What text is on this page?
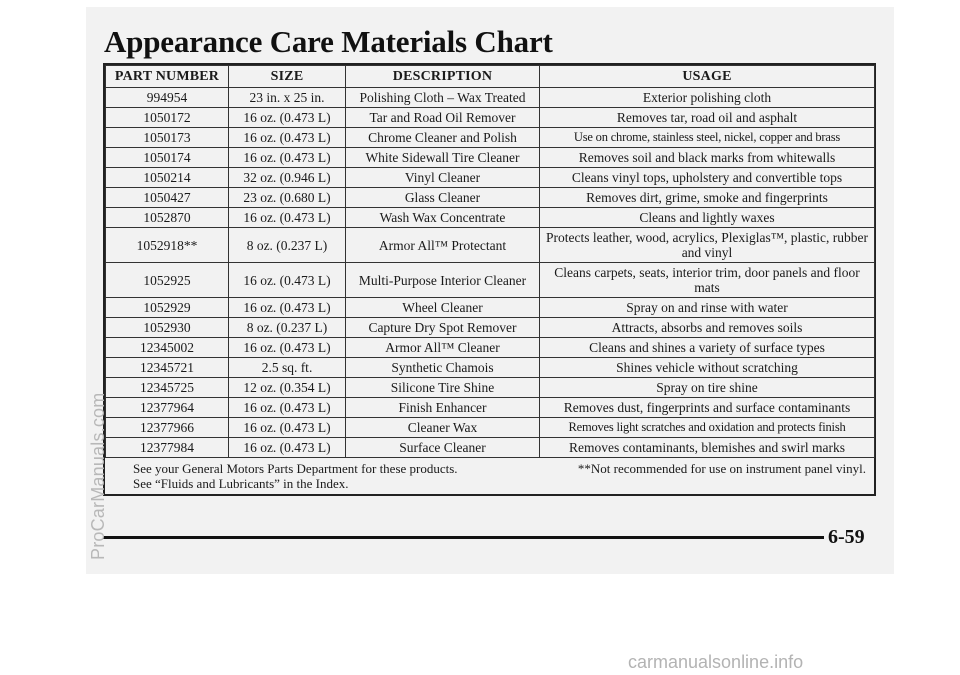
Appearance Care Materials Chart
PART NUMBER	SIZE	DESCRIPTION	USAGE
994954	23 in. x 25 in.	Polishing Cloth – Wax Treated	Exterior polishing cloth
1050172	16 oz. (0.473 L)	Tar and Road Oil Remover	Removes tar, road oil and asphalt
1050173	16 oz. (0.473 L)	Chrome Cleaner and Polish	Use on chrome, stainless steel, nickel, copper and brass
1050174	16 oz. (0.473 L)	White Sidewall Tire Cleaner	Removes soil and black marks from whitewalls
1050214	32 oz. (0.946 L)	Vinyl Cleaner	Cleans vinyl tops, upholstery and convertible tops
1050427	23 oz. (0.680 L)	Glass Cleaner	Removes dirt, grime, smoke and fingerprints
1052870	16 oz. (0.473 L)	Wash Wax Concentrate	Cleans and lightly waxes
1052918**	8 oz. (0.237 L)	Armor All™ Protectant	Protects leather, wood, acrylics, Plexiglas™, plastic, rubber and vinyl
1052925	16 oz. (0.473 L)	Multi-Purpose Interior Cleaner	Cleans carpets, seats, interior trim, door panels and floor mats
1052929	16 oz. (0.473 L)	Wheel Cleaner	Spray on and rinse with water
1052930	8 oz. (0.237 L)	Capture Dry Spot Remover	Attracts, absorbs and removes soils
12345002	16 oz. (0.473 L)	Armor All™ Cleaner	Cleans and shines a variety of surface types
12345721	2.5 sq. ft.	Synthetic Chamois	Shines vehicle without scratching
12345725	12 oz. (0.354 L)	Silicone Tire Shine	Spray on tire shine
12377964	16 oz. (0.473 L)	Finish Enhancer	Removes dust, fingerprints and surface contaminants
12377966	16 oz. (0.473 L)	Cleaner Wax	Removes light scratches and oxidation and protects finish
12377984	16 oz. (0.473 L)	Surface Cleaner	Removes contaminants, blemishes and swirl marks
See your General Motors Parts Department for these products.
See “Fluids and Lubricants” in the Index.
**Not recommended for use on instrument panel vinyl.
6-59
ProCarManuals.com
carmanualsonline.info
